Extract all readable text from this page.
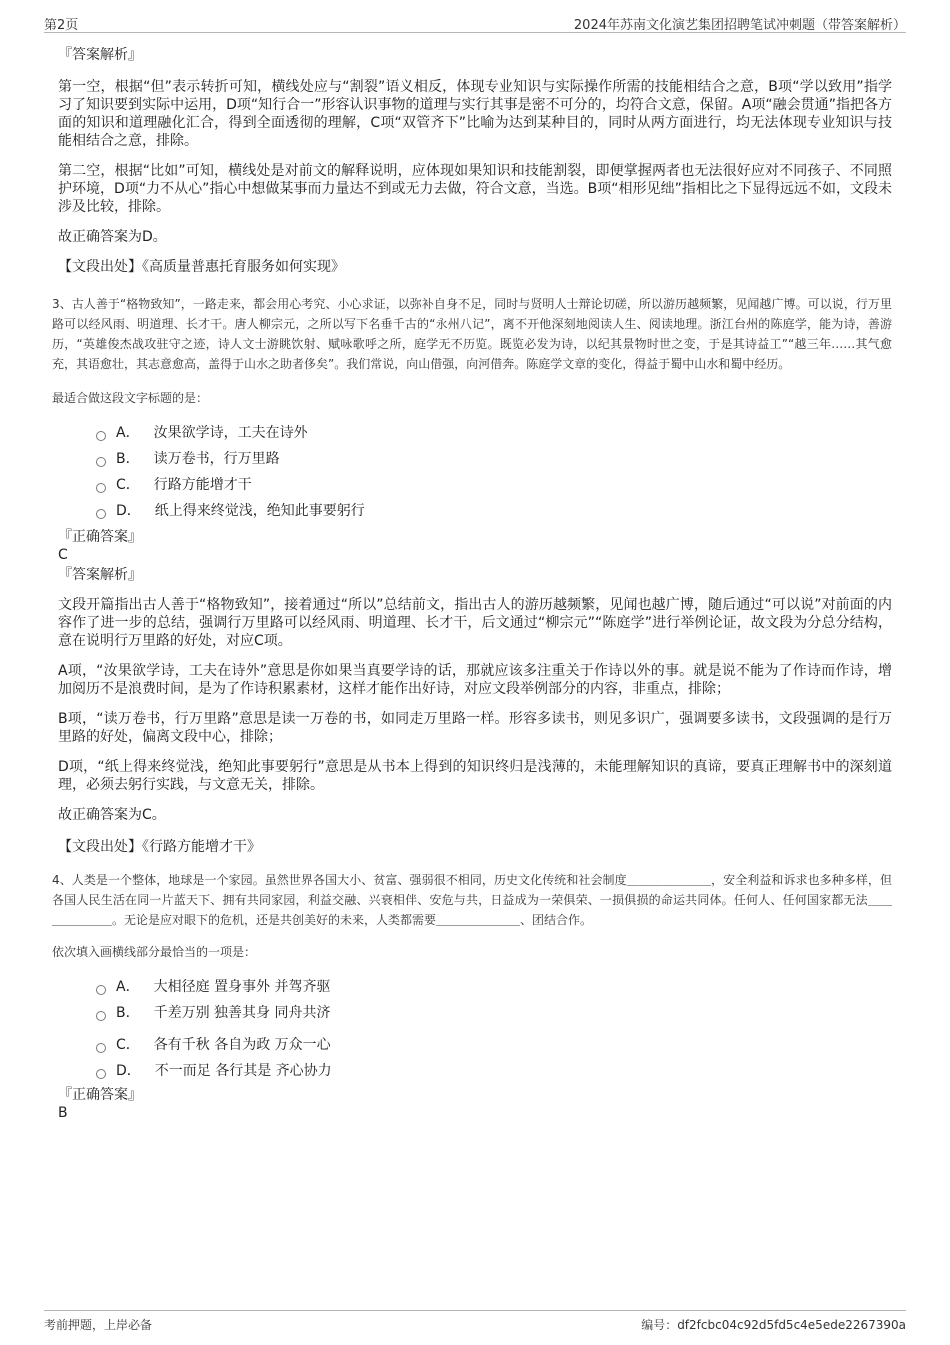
第2页	2024年苏南文化演艺集团招聘笔试冲刺题（带答案解析）
『答案解析』
第一空，根据“但”表示转折可知，横线处应与“割裂”语义相反，体现专业知识与实际操作所需的技能相结合之意，B项“学以致用”指学习了知识要到实际中运用，D项“知行合一”形容认识事物的道理与实行其事是密不可分的，均符合文意，保留。A项“融会贯通”指把各方面的知识和道理融化汇合，得到全面透彻的理解，C项“双管齐下”比喻为达到某种目的，同时从两方面进行，均无法体现专业知识与技能相结合之意，排除。
第二空，根据“比如”可知，横线处是对前文的解释说明，应体现如果知识和技能割裂，即便掌握两者也无法很好应对不同孩子、不同照护环境，D项“力不从心”指心中想做某事而力量达不到或无力去做，符合文意，当选。B项“相形见绌”指相比之下显得远远不如，文段未涉及比较，排除。
故正确答案为D。
【文段出处】《高质量普惠托育服务如何实现》
3、古人善于“格物致知”，一路走来，都会用心考究、小心求证，以弥补自身不足，同时与贤明人士辩论切磋，所以游历越频繁，见闻越广博。可以说，行万里路可以经风雨、明道理、长才干。唐人柳宗元，之所以写下名垂千古的“永州八记”，离不开他深刻地阅读人生、阅读地理。浙江台州的陈庭学，能为诗，善游历，“英雄俊杰战攻驻守之迹，诗人文士游眺饮射、赋咏歌呼之所，庭学无不历览。既览必发为诗，以纪其景物时世之变，于是其诗益工”“越三年……其气愈充，其语愈壮，其志意愈高，盖得于山水之助者侈矣”。我们常说，向山借强，向河借奔。陈庭学文章的变化，得益于蜀中山水和蜀中经历。
最适合做这段文字标题的是：
A． 汝果欲学诗，工夫在诗外
B． 读万卷书，行万里路
C． 行路方能增才干
D． 纸上得来终觉浅，绝知此事要躬行
『正确答案』
C
『答案解析』
文段开篇指出古人善于“格物致知”，接着通过“所以”总结前文，指出古人的游历越频繁，见闻也越广博，随后通过“可以说”对前面的内容作了进一步的总结，强调行万里路可以经风雨、明道理、长才干，后文通过“柳宗元”“陈庭学”进行举例论证，故文段为分总分结构，意在说明行万里路的好处，对应C项。
A项，“汝果欲学诗，工夫在诗外”意思是你如果当真要学诗的话，那就应该多注重关于作诗以外的事。就是说不能为了作诗而作诗，增加阅历不是浪费时间，是为了作诗积累素材，这样才能作出好诗，对应文段举例部分的内容，非重点，排除；
B项，“读万卷书，行万里路”意思是读一万卷的书，如同走万里路一样。形容多读书，则见多识广，强调要多读书，文段强调的是行万里路的好处，偏离文段中心，排除；
D项，“纸上得来终觉浅，绝知此事要躬行”意思是从书本上得到的知识终归是浅薄的，未能理解知识的真谛，要真正理解书中的深刻道理，必须去躬行实践，与文意无关，排除。
故正确答案为C。
【文段出处】《行路方能增才干》
4、人类是一个整体，地球是一个家园。虽然世界各国大小、贫富、强弱很不相同，历史文化传统和社会制度＿＿＿＿＿＿＿，安全利益和诉求也多种多样，但各国人民生活在同一片蓝天下、拥有共同家园，利益交融、兴衰相伴、安危与共，日益成为一荣俱荣、一损俱损的命运共同体。任何人、任何国家都无法＿＿＿＿＿＿＿。无论是应对眼下的危机，还是共创美好的未来，人类都需要＿＿＿＿＿＿＿、团结合作。
依次填入画横线部分最恰当的一项是：
A． 大相径庭 置身事外 并驾齐驱
B． 千差万别 独善其身 同舟共济
C． 各有千秋 各自为政 万众一心
D． 不一而足 各行其是 齐心协力
『正确答案』
B
考前押题，上岸必备	编号：df2fcbc04c92d5fd5c4e5ede2267390a
